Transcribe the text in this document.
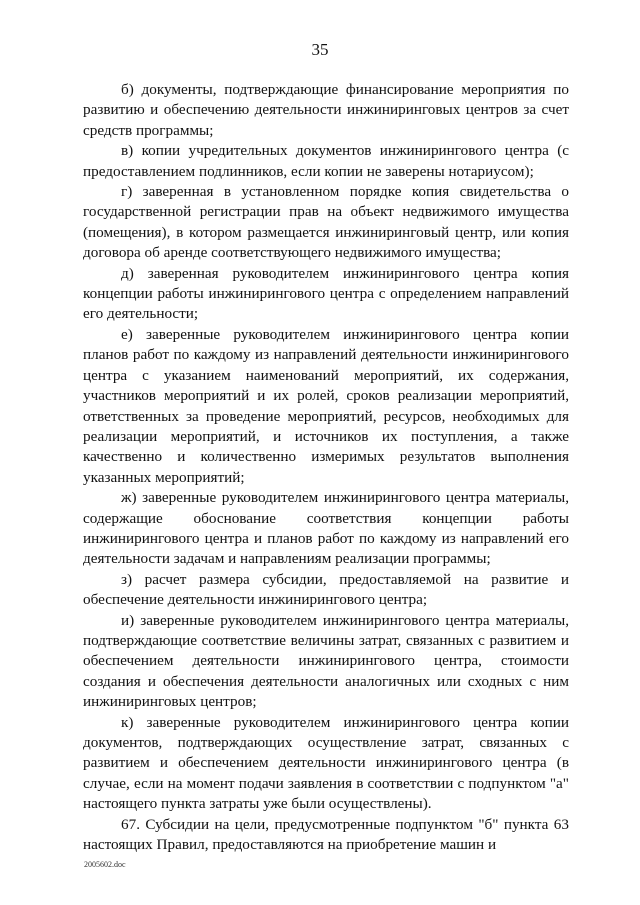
35

б) документы, подтверждающие финансирование мероприятия по развитию и обеспечению деятельности инжиниринговых центров за счет средств программы;

в) копии учредительных документов инжинирингового центра (с предоставлением подлинников, если копии не заверены нотариусом);

г) заверенная в установленном порядке копия свидетельства о государственной регистрации прав на объект недвижимого имущества (помещения), в котором размещается инжиниринговый центр, или копия договора об аренде соответствующего недвижимого имущества;

д) заверенная руководителем инжинирингового центра копия концепции работы инжинирингового центра с определением направлений его деятельности;

е) заверенные руководителем инжинирингового центра копии планов работ по каждому из направлений деятельности инжинирингового центра с указанием наименований мероприятий, их содержания, участников мероприятий и их ролей, сроков реализации мероприятий, ответственных за проведение мероприятий, ресурсов, необходимых для реализации мероприятий, и источников их поступления, а также качественно и количественно измеримых результатов выполнения указанных мероприятий;

ж) заверенные руководителем инжинирингового центра материалы, содержащие обоснование соответствия концепции работы инжинирингового центра и планов работ по каждому из направлений его деятельности задачам и направлениям реализации программы;

з) расчет размера субсидии, предоставляемой на развитие и обеспечение деятельности инжинирингового центра;

и) заверенные руководителем инжинирингового центра материалы, подтверждающие соответствие величины затрат, связанных с развитием и обеспечением деятельности инжинирингового центра, стоимости создания и обеспечения деятельности аналогичных или сходных с ним инжиниринговых центров;

к) заверенные руководителем инжинирингового центра копии документов, подтверждающих осуществление затрат, связанных с развитием и обеспечением деятельности инжинирингового центра (в случае, если на момент подачи заявления в соответствии с подпунктом "а" настоящего пункта затраты уже были осуществлены).

67. Субсидии на цели, предусмотренные подпунктом "б" пункта 63 настоящих Правил, предоставляются на приобретение машин и

2005602.doc
